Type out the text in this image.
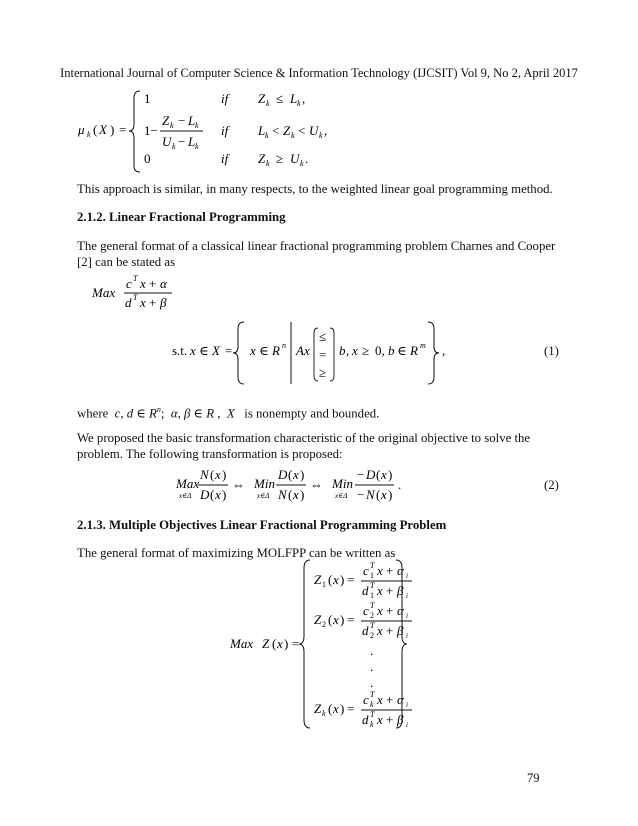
International Journal of Computer Science & Information Technology (IJCSIT) Vol 9, No 2, April 2017
μ k ( X ) =
1	if Z k ≤ L k ,
1−
Z k − L k
U k − L k
if L k < Z k < U k ,
0	if Z k ≥ U k .
This approach is similar, in many respects, to the weighted linear goal programming method.
2.1.2. Linear Fractional Programming
The general format of a classical linear fractional programming problem Charnes and Cooper [2] can be stated as
Max
c T x + α
d T x + β
s.t. x ∈ X = x ∈ R n Ax
≤
=
≥
b , x ≥ 0, b ∈ R m ,	(1)
where  c, d ∈ $R^n$;  α, β ∈ R ,  X is nonempty and bounded.
We proposed the basic transformation characteristic of the original objective to solve the problem. The following transformation is proposed:
Max
x∈Δ
N ( x )
D ( x )
⇔ Min
x∈Δ
D ( x )
N ( x )
⇔ Min
x∈Δ
− D ( x )
− N ( x )
.	(2)
2.1.3. Multiple Objectives Linear Fractional Programming Problem
The general format of maximizing MOLFPP can be written as
Max Z ( x ) =
Z 1 ( x ) =
c T
1 x + α i
d T
1 x + β i
Z 2 ( x ) =
c T
2 x + α i
d T
2 x + β i
.
.
.
Z k ( x ) =
c T
k x + α i
d T
k x + β i
79
